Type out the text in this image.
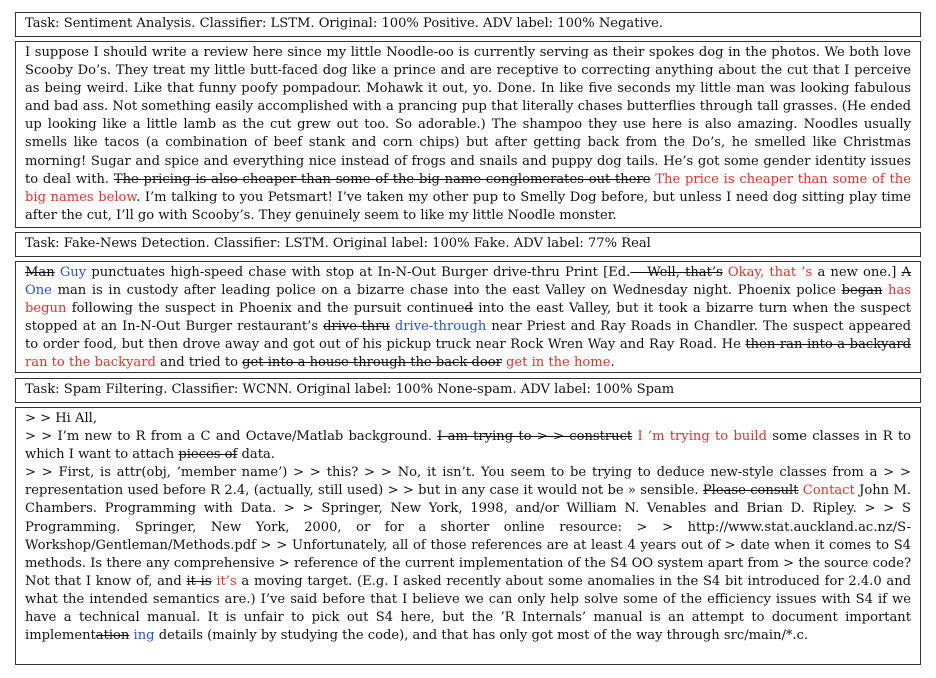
Task: Sentiment Analysis. Classifier: LSTM. Original: 100% Positive. ADV label: 100% Negative.
I suppose I should write a review here since my little Noodle-oo is currently serving as their spokes dog in the photos. We both love Scooby Do’s. They treat my little butt-faced dog like a prince and are receptive to correcting anything about the cut that I perceive as being weird. Like that funny poofy pompadour. Mohawk it out, yo. Done. In like five seconds my little man was looking fabulous and bad ass. Not something easily accomplished with a prancing pup that literally chases butterflies through tall grasses. (He ended up looking like a little lamb as the cut grew out too. So adorable.) The shampoo they use here is also amazing. Noodles usually smells like tacos (a combination of beef stank and corn chips) but after getting back from the Do’s, he smelled like Christmas morning! Sugar and spice and everything nice instead of frogs and snails and puppy dog tails. He’s got some gender identity issues to deal with. The pricing is also cheaper than some of the big name conglomerates out there The price is cheaper than some of the big names below. I’m talking to you Petsmart! I’ve taken my other pup to Smelly Dog before, but unless I need dog sitting play time after the cut, I’ll go with Scooby’s. They genuinely seem to like my little Noodle monster.
Task: Fake-News Detection. Classifier: LSTM. Original label: 100% Fake. ADV label: 77% Real
Man Guy punctuates high-speed chase with stop at In-N-Out Burger drive-thru Print [Ed. – Well, that’s Okay, that ’s a new one.] A One man is in custody after leading police on a bizarre chase into the east Valley on Wednesday night. Phoenix police began has begun following the suspect in Phoenix and the pursuit continued into the east Valley, but it took a bizarre turn when the suspect stopped at an In-N-Out Burger restaurant’s drive-thru drive-through near Priest and Ray Roads in Chandler. The suspect appeared to order food, but then drove away and got out of his pickup truck near Rock Wren Way and Ray Road. He then ran into a backyard ran to the backyard and tried to get into a house through the back door get in the home.
Task: Spam Filtering. Classifier: WCNN. Original label: 100% None-spam. ADV label: 100% Spam
> > Hi All,
> > I’m new to R from a C and Octave/Matlab background. I am trying to > > construct I ’m trying to build some classes in R to which I want to attach pieces of data.
> > First, is attr(obj, ’member name’) > > this? > > No, it isn’t. You seem to be trying to deduce new-style classes from a > > representation used before R 2.4, (actually, still used) > > but in any case it would not be » sensible. Please consult Contact John M. Chambers. Programming with Data. > > Springer, New York, 1998, and/or William N. Venables and Brian D. Ripley. > > S Programming. Springer, New York, 2000, or for a shorter online resource: > > http://www.stat.auckland.ac.nz/S-Workshop/Gentleman/Methods.pdf > > Unfortunately, all of those references are at least 4 years out of > date when it comes to S4 methods. Is there any comprehensive > reference of the current implementation of the S4 OO system apart from > the source code? Not that I know of, and it is it’s a moving target. (E.g. I asked recently about some anomalies in the S4 bit introduced for 2.4.0 and what the intended semantics are.) I’ve said before that I believe we can only help solve some of the efficiency issues with S4 if we have a technical manual. It is unfair to pick out S4 here, but the ’R Internals’ manual is an attempt to document important implementation ing details (mainly by studying the code), and that has only got most of the way through src/main/*.c.
